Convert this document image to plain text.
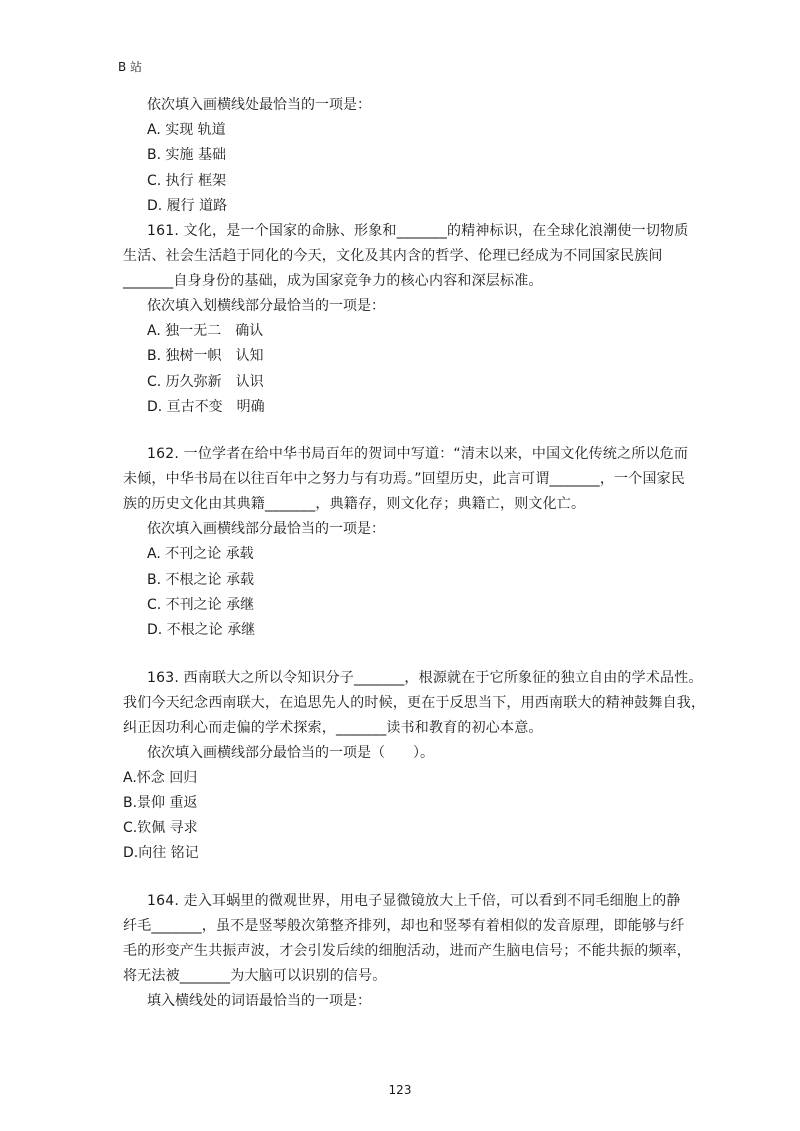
B 站
依次填入画横线处最恰当的一项是：
A. 实现 轨道
B. 实施 基础
C. 执行 框架
D. 履行 道路
161. 文化，是一个国家的命脉、形象和_______的精神标识，在全球化浪潮使一切物质
生活、社会生活趋于同化的今天，文化及其内含的哲学、伦理已经成为不同国家民族间
_______自身身份的基础，成为国家竞争力的核心内容和深层标准。
依次填入划横线部分最恰当的一项是：
A. 独一无二　确认
B. 独树一帜　认知
C. 历久弥新　认识
D. 亘古不变　明确
162. 一位学者在给中华书局百年的贺词中写道：“清末以来，中国文化传统之所以危而
未倾，中华书局在以往百年中之努力与有功焉。”回望历史，此言可谓_______，一个国家民
族的历史文化由其典籍_______，典籍存，则文化存；典籍亡，则文化亡。
依次填入画横线部分最恰当的一项是：
A. 不刊之论 承载
B. 不根之论 承载
C. 不刊之论 承继
D. 不根之论 承继
163. 西南联大之所以令知识分子_______，根源就在于它所象征的独立自由的学术品性。
我们今天纪念西南联大，在追思先人的时候，更在于反思当下，用西南联大的精神鼓舞自我，
纠正因功利心而走偏的学术探索，_______读书和教育的初心本意。
依次填入画横线部分最恰当的一项是（　　）。
A.怀念 回归
B.景仰 重返
C.钦佩 寻求
D.向往 铭记
164. 走入耳蜗里的微观世界，用电子显微镜放大上千倍，可以看到不同毛细胞上的静
纤毛_______，虽不是竖琴般次第整齐排列，却也和竖琴有着相似的发音原理，即能够与纤
毛的形变产生共振声波，才会引发后续的细胞活动，进而产生脑电信号；不能共振的频率，
将无法被_______为大脑可以识别的信号。
填入横线处的词语最恰当的一项是：
123
